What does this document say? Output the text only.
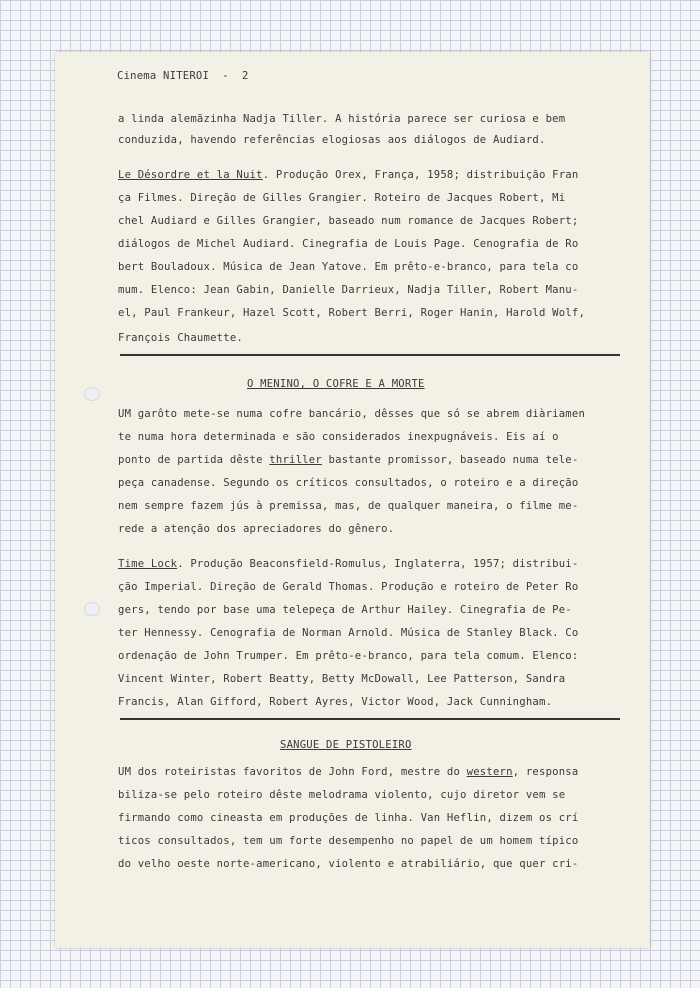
Cinema NITEROI  -  2
a linda alemãzinha Nadja Tiller. A história parece ser curiosa e bem
conduzida, havendo referências elogiosas aos diálogos de Audiard.
Le Désordre et la Nuit. Produção Orex, França, 1958; distribuição Fran
ça Filmes. Direção de Gilles Grangier. Roteiro de Jacques Robert, Mi
chel Audiard e Gilles Grangier, baseado num romance de Jacques Robert;
diálogos de Michel Audiard. Cinegrafia de Louis Page. Cenografia de Ro
bert Bouladoux. Música de Jean Yatove. Em prêto-e-branco, para tela co
mum. Elenco: Jean Gabin, Danielle Darrieux, Nadja Tiller, Robert Manu-
el, Paul Frankeur, Hazel Scott, Robert Berri, Roger Hanin, Harold Wolf,
François Chaumette.
O MENINO, O COFRE E A MORTE
UM garôto mete-se numa cofre bancário, dêsses que só se abrem diàriamen
te numa hora determinada e são considerados inexpugnáveis. Eis aí o
ponto de partida dêste thriller bastante promissor, baseado numa tele-
peça canadense. Segundo os críticos consultados, o roteiro e a direção
nem sempre fazem jús à premissa, mas, de qualquer maneira, o filme me-
rede a atenção dos apreciadores do gênero.
Time Lock. Produção Beaconsfield-Romulus, Inglaterra, 1957; distribui-
ção Imperial. Direção de Gerald Thomas. Produção e roteiro de Peter Ro
gers, tendo por base uma telepeça de Arthur Hailey. Cinegrafia de Pe-
ter Hennessy. Cenografia de Norman Arnold. Música de Stanley Black. Co
ordenação de John Trumper. Em prêto-e-branco, para tela comum. Elenco:
Vincent Winter, Robert Beatty, Betty McDowall, Lee Patterson, Sandra
Francis, Alan Gifford, Robert Ayres, Victor Wood, Jack Cunningham.
SANGUE DE PISTOLEIRO
UM dos roteiristas favoritos de John Ford, mestre do western, responsa
biliza-se pelo roteiro dêste melodrama violento, cujo diretor vem se
firmando como cineasta em produções de linha. Van Heflin, dizem os crí
ticos consultados, tem um forte desempenho no papel de um homem típico
do velho oeste norte-americano, violento e atrabiliário, que quer cri-
